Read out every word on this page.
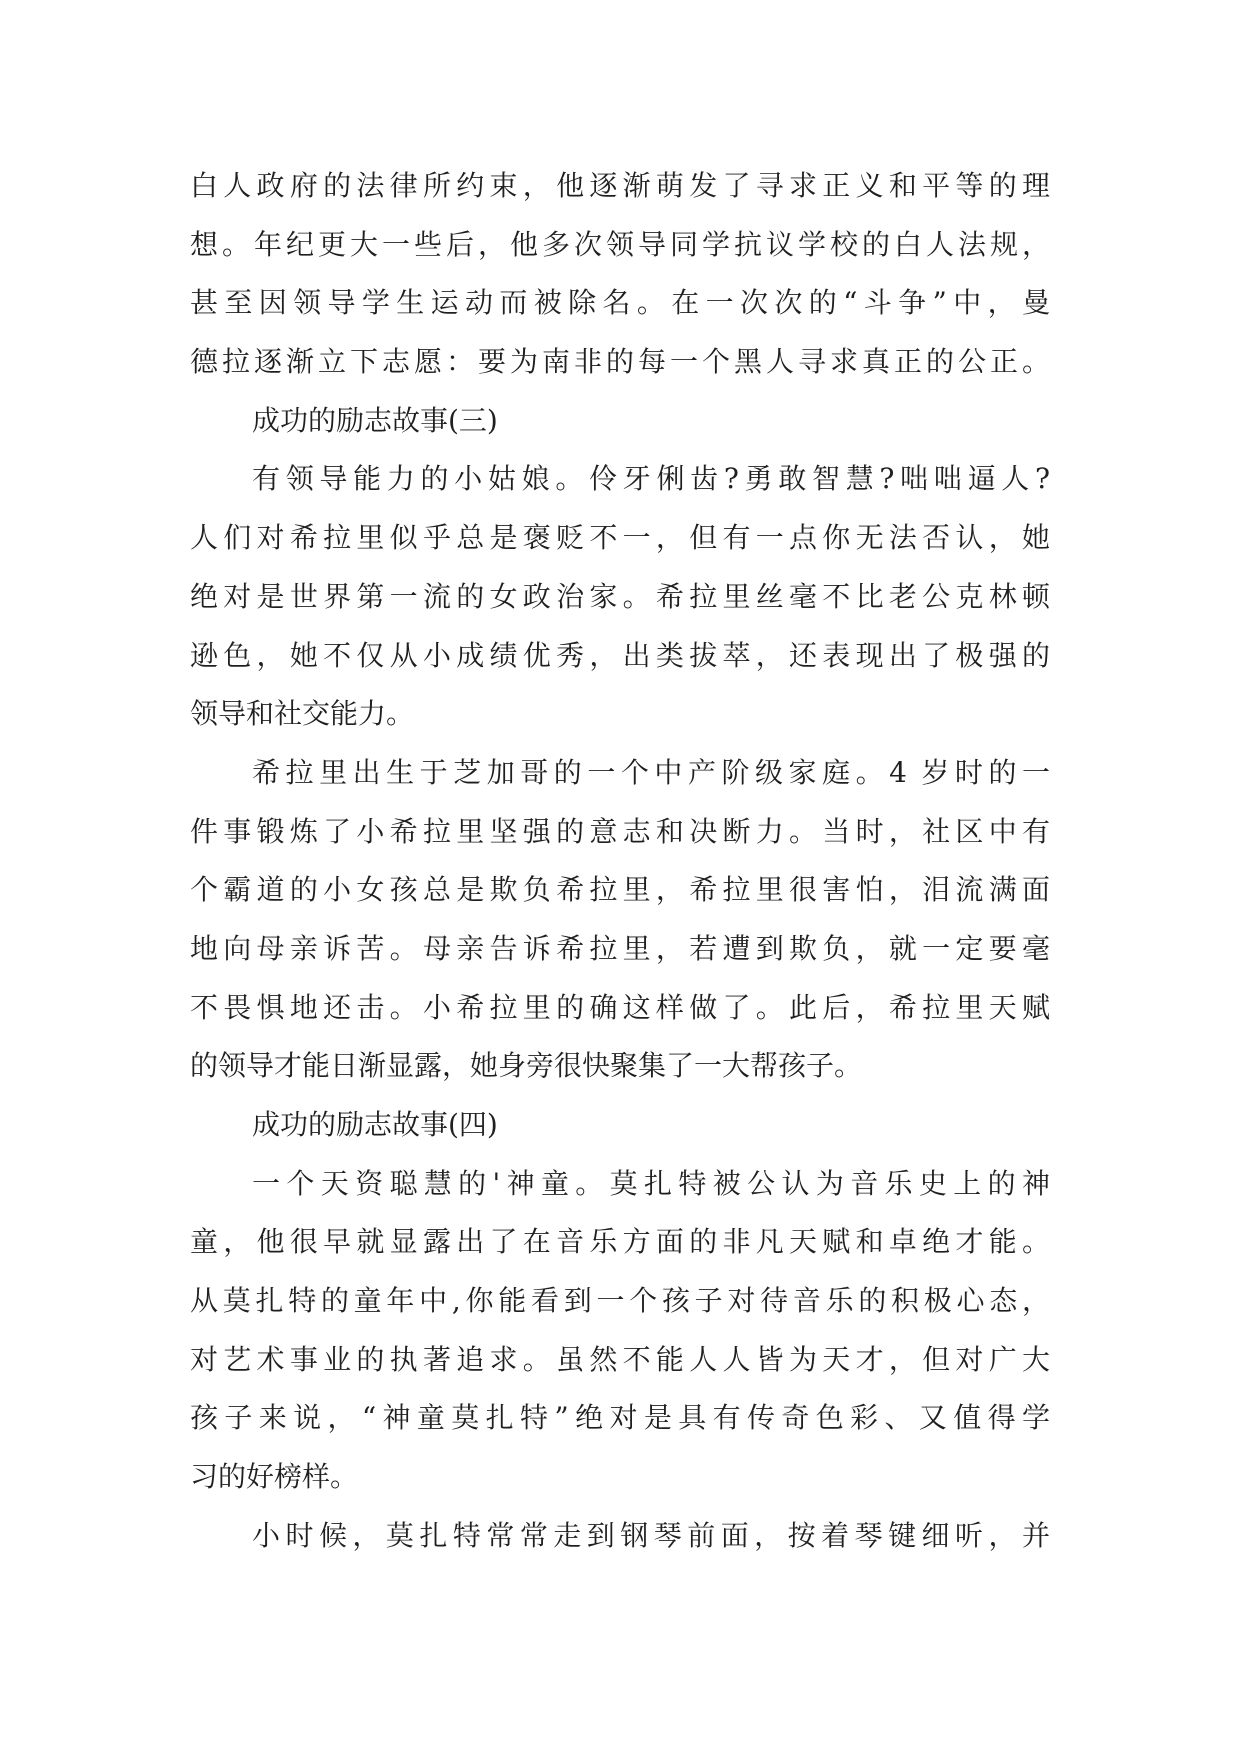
白人政府的法律所约束，他逐渐萌发了寻求正义和平等的理
想。年纪更大一些后，他多次领导同学抗议学校的白人法规，
甚至因领导学生运动而被除名。在一次次的“斗争”中，曼
德拉逐渐立下志愿：要为南非的每一个黑人寻求真正的公正。
成功的励志故事(三)
有领导能力的小姑娘。伶牙俐齿?勇敢智慧?咄咄逼人?
人们对希拉里似乎总是褒贬不一，但有一点你无法否认，她
绝对是世界第一流的女政治家。希拉里丝毫不比老公克林顿
逊色，她不仅从小成绩优秀，出类拔萃，还表现出了极强的
领导和社交能力。
希拉里出生于芝加哥的一个中产阶级家庭。4 岁时的一
件事锻炼了小希拉里坚强的意志和决断力。当时，社区中有
个霸道的小女孩总是欺负希拉里，希拉里很害怕，泪流满面
地向母亲诉苦。母亲告诉希拉里，若遭到欺负，就一定要毫
不畏惧地还击。小希拉里的确这样做了。此后，希拉里天赋
的领导才能日渐显露，她身旁很快聚集了一大帮孩子。
成功的励志故事(四)
一个天资聪慧的'神童。莫扎特被公认为音乐史上的神
童，他很早就显露出了在音乐方面的非凡天赋和卓绝才能。
从莫扎特的童年中,你能看到一个孩子对待音乐的积极心态，
对艺术事业的执著追求。虽然不能人人皆为天才，但对广大
孩子来说，“神童莫扎特”绝对是具有传奇色彩、又值得学
习的好榜样。
小时候，莫扎特常常走到钢琴前面，按着琴键细听，并
